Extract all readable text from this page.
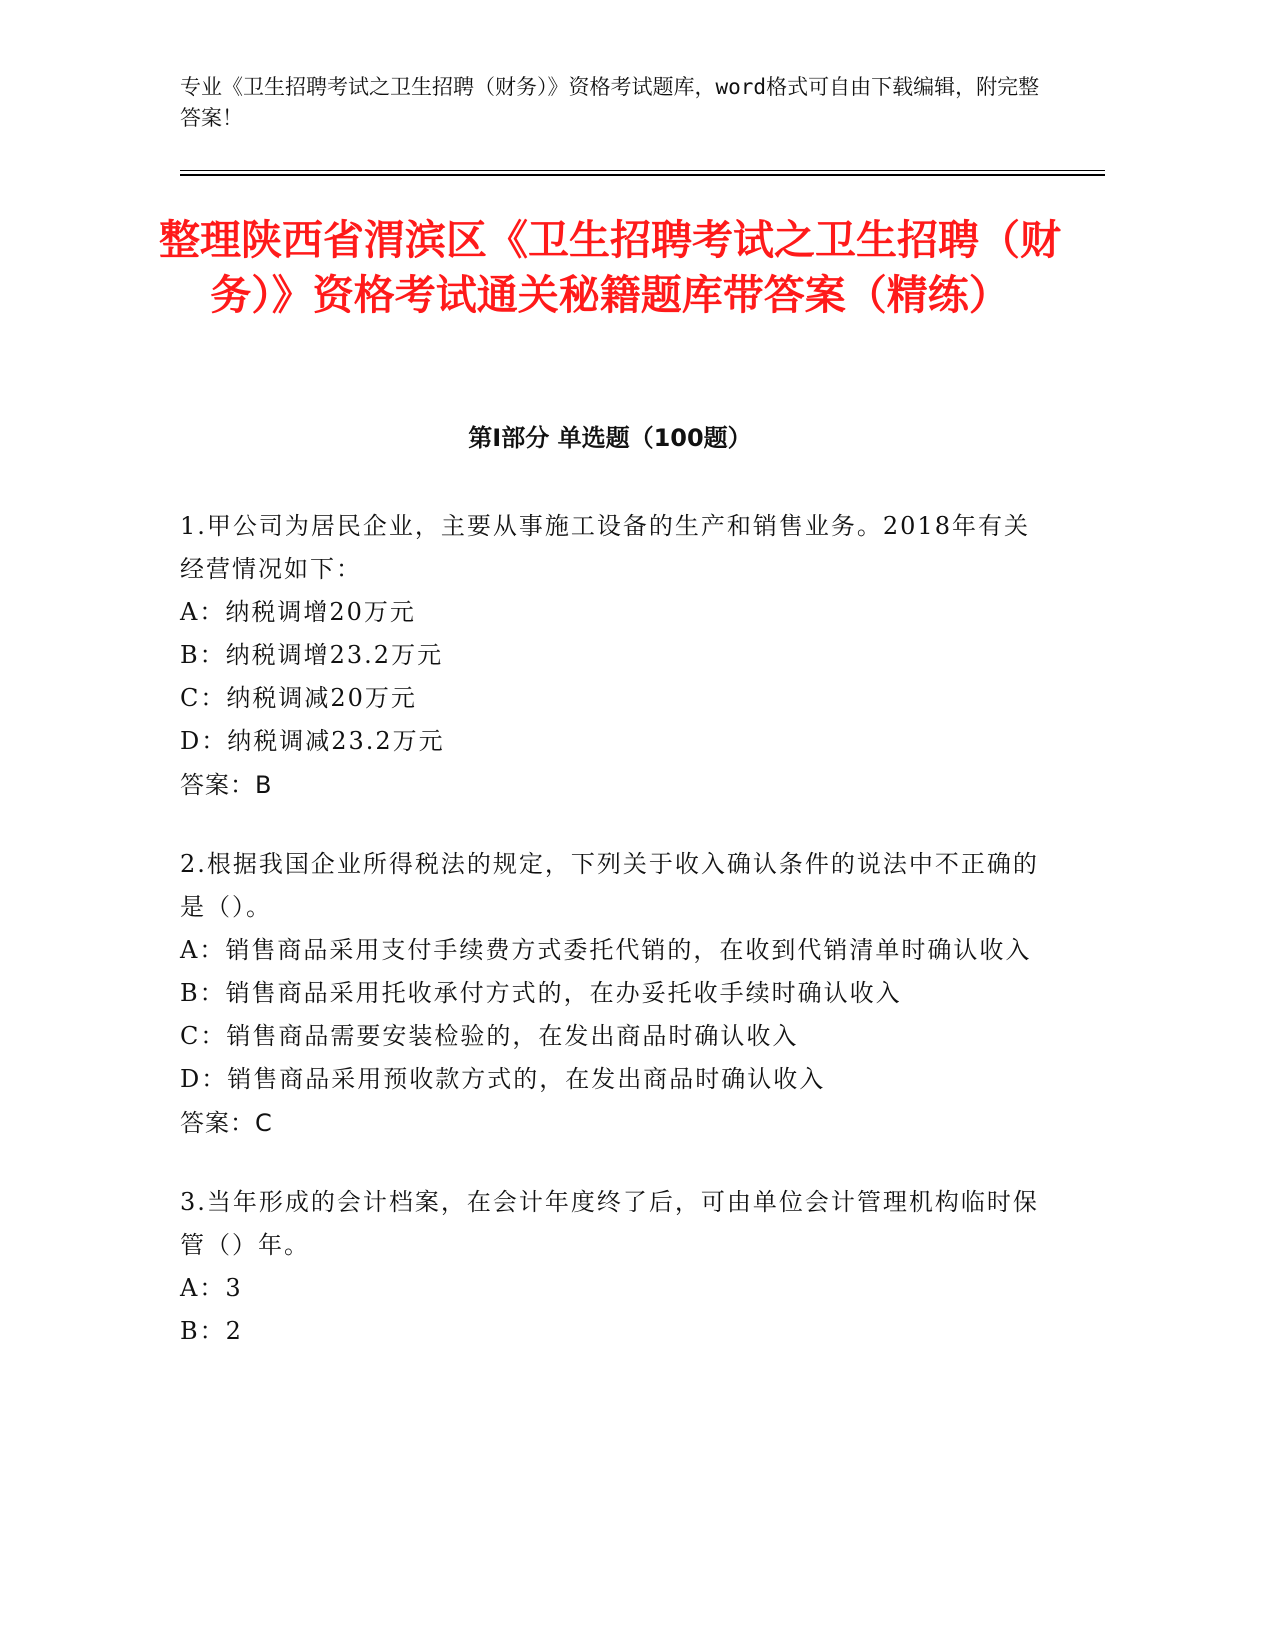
专业《卫生招聘考试之卫生招聘（财务）》资格考试题库，word格式可自由下载编辑，附完整答案！
整理陕西省渭滨区《卫生招聘考试之卫生招聘（财务）》资格考试通关秘籍题库带答案（精练）
第Ⅰ部分 单选题（100题）
1.甲公司为居民企业，主要从事施工设备的生产和销售业务。2018年有关经营情况如下：
A：纳税调增20万元
B：纳税调增23.2万元
C：纳税调减20万元
D：纳税调减23.2万元
答案：B
2.根据我国企业所得税法的规定，下列关于收入确认条件的说法中不正确的是（）。
A：销售商品采用支付手续费方式委托代销的，在收到代销清单时确认收入
B：销售商品采用托收承付方式的，在办妥托收手续时确认收入
C：销售商品需要安装检验的，在发出商品时确认收入
D：销售商品采用预收款方式的，在发出商品时确认收入
答案：C
3.当年形成的会计档案，在会计年度终了后，可由单位会计管理机构临时保管（）年。
A：3
B：2
